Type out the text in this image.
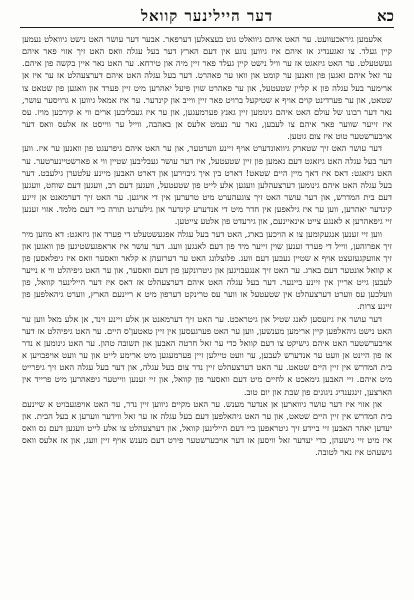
דער היילינער קוואל	כא

אלעמען גיראכעוועט. ער האט איהם גיוואלט גוט בעצאלען דערפאר. אבער דער עושר האט נישט גיוואלט נעמען קיין געלד. צו זאגענדיג אז איהם איז גיווען נוגע אין דעם הארץ דער בעל עגלה וואס האט זיך אזוי פאר איהם געשטעלט. ער האט גיזאגט אז ער וויל נישט קיין געלד פאר זיין מיה און טירחא. ער האט נאר איין בקשה פון איהם. ער זאל איהם זאגען פון וואנען ער קומט און וואו ער פאהרט. דער בעל עגלה האט איהם דערצעהלט אז ער איז אן ארימער בעל עגלה פון א קליין שטעטעל, און ער פאהרט שוין פיעל יאהרען מיט זיין פערד און וואגען פון שטאט צו שטאט, און ער פערדינט קוים אויף א שטיקעל ברויט פאר זיין ווייב און קינדער. ער איז אמאל גיווען א גרויסער עושר, נאר דער רבונו של עולם האט איהם גינומען זיין גאנץ פערמעגען, און ער איז געבליבען ארים ווי א קירכען מויז. עס איז זייער שווער פאר איהם צו לעבען, נאר ער נעמט אלעס אן באהבה, ווייל ער ווייסט אז אלעס וואס דער אויבערשטער טוט איז צום גוטען.

דער עושר האט זיך שטארק גיוואונדערט אויף זיינע ווערטער, און ער האט איהם גיפרעגט פון וואנען ער איז. ווען דער בעל עגלה האט גיזאגט דעם נאמען פון זיין שטעטעל, איז דער עושר געבליבען שטיין ווי א פארשטיינערטער. ער האט גיזאגט: דאס איז דאך מיין היים שטאט! דארט בין איך גיבוירען און דארט האבען מיינע עלטערן גילעבט. דער בעל עגלה האט איהם גינומען דערצעהלען וועגען אלע לייט פון שטעטעל, וועגען דעם רב, וועגען דעם שוחט, וועגען דעם בית המדרש, און דער עושר האט זיך צוגעהערט מיט טרערען אין די אויגען. ער האט זיך דערמאנט אן זיינע קינדער יאהרען, ווען ער איז גילאפען אין חדר מיט די אנדערע קינדער און גילערנט תורה ביי דעם מלמד. אזוי זענען זיי גיפאהרען א לאנגע צייט אינאיינעם, און גירעדט פון אלטע צייטען.

ווען זיי זענען אנגעקומען צו א הויכען בארג, האט דער בעל עגלה אפגעשטעלט די פערד און גיזאגט: דא מוזען מיר זיך אפרוהען, ווייל די פערד זענען שוין זייער מיד פון דעם לאנגען וועג. דער עושר איז אראפגעשטיגען פון וואגען און זיך אוועקגעזעצט אויף א שטיין נעבען דעם וועג. פלוצלונג האט ער דערזעהן א קלאר וואסער וואס איז גיפלאסען פון א קוואל אונטער דעם בארג. ער האט זיך אנגעבויגען און גיטרונקען פון דעם וואסער, און ער האט גיפיהלט ווי א נייער לעבען גייט אריין אין זיינע ביינער. דער בעל עגלה האט איהם דערצעהלט אז דאס איז דער היילינער קוואל, פון וועלכען עס ווערט דערצעהלט אין שטעטעל אז ווער עס טרינקט דערפון מיט א ריינעם הארץ, ווערט גיהאלפען פון זיינע צרות.

דער עושר איז גיזעסען לאנג שטיל און גיטראכט. ער האט זיך דערמאנט אן אלע זיינע זינד, אן אלע מאל ווען ער האט נישט גיהאלפען קיין ארימען מענשען, ווען ער האט פערגעסען אין זיין טאטען'ס היים. ער האט גיפיהלט אז דער אויבערשטער האט איהם גישיקט צו דעם קוואל כדי ער זאל חרטה האבען און תשובה טהון. ער האט גינומען א נדר אז פון היינט אן וועט ער אנדערש לעבען, ער וועט טיילען זיין פערמעגען מיט ארימע לייט און ער וועט אויפבויען א בית המדרש אין זיין היים שטאט. ער האט דערצעהלט זיין נדר צום בעל עגלה, און דער בעל עגלה האט זיך גיפרייט מיט איהם. זיי האבען גימאכט א לחיים מיט דעם וואסער פון קוואל, און זיי זענען ווייטער גיפאהרען מיט פרייד אין הארצען, זינגענדיג ניגונים פון שבת און יום טוב.

און אזוי איז דער עושר גיווארען אן אנדער מענש. ער האט מקיים גיווען זיין נדר, ער האט אויפגעבויט א שיינעם בית המדרש אין זיין היים שטאט, און ער האט גיהאלפען דעם בעל עגלה אז ער זאל ווידער ווערען א בעל הבית. און יעדען יאהר האבען זיי ביידע זיך גיטראפען ביי דעם היילינען קוואל, און דערצעהלט צו אלע לייט וועגען דעם נס וואס איז מיט זיי גישעהן, כדי יעדער זאל וויסען אז דער אויבערשטער פירט דעם מענש אויף זיין וועג, און אז אלעס וואס גישעהט איז נאר לטובה.
